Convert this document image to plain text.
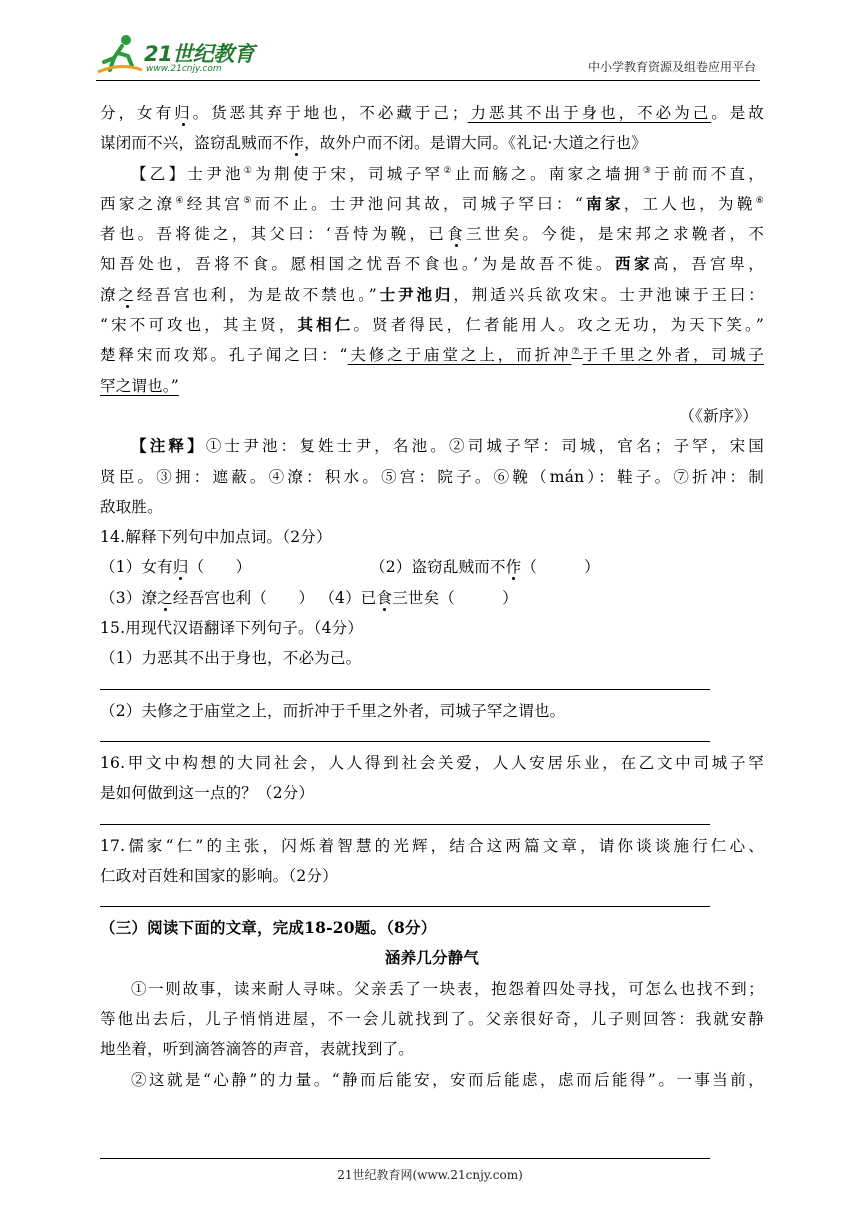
21世纪教育
www.21cnjy.com	中小学教育资源及组卷应用平台
分，女有归。货恶其弃于地也，不必藏于己；力恶其不出于身也，不必为己。是故
谋闭而不兴，盗窃乱贼而不作，故外户而不闭。是谓大同。《礼记·大道之行也》
【乙】士尹池①为荆使于宋，司城子罕②止而觞之。南家之墙拥③于前而不直，
西家之潦④经其宫⑤而不止。士尹池问其故，司城子罕曰：“南家，工人也，为鞔⑥
者也。吾将徙之，其父曰：‘吾恃为鞔，已食三世矣。今徙，是宋邦之求鞔者，不
知吾处也，吾将不食。愿相国之忧吾不食也。’为是故吾不徙。西家高，吾宫卑，
潦之经吾宫也利，为是故不禁也。”士尹池归，荆适兴兵欲攻宋。士尹池谏于王曰：
“宋不可攻也，其主贤，其相仁。贤者得民，仁者能用人。攻之无功，为天下笑。”
楚释宋而攻郑。孔子闻之曰：“夫修之于庙堂之上，而折冲⑦于千里之外者，司城子
罕之谓也。”
（《新序》）
【注释】①士尹池：复姓士尹，名池。②司城子罕：司城，官名；子罕，宋国
贤臣。③拥：遮蔽。④潦：积水。⑤宫：院子。⑥鞔（mán）：鞋子。⑦折冲：制
敌取胜。
14.解释下列句中加点词。（2分）
（1）女有归（　　）	（2）盗窃乱贼而不作（　　　）
（3）潦之经吾宫也利（　　） （4）已食三世矣（　　　）
15.用现代汉语翻译下列句子。（4分）
（1）力恶其不出于身也，不必为己。
（2）夫修之于庙堂之上，而折冲于千里之外者，司城子罕之谓也。
16.甲文中构想的大同社会，人人得到社会关爱，人人安居乐业，在乙文中司城子罕
是如何做到这一点的？（2分）
17.儒家“仁”的主张，闪烁着智慧的光辉，结合这两篇文章，请你谈谈施行仁心、
仁政对百姓和国家的影响。（2分）
（三）阅读下面的文章，完成18-20题。（8分）
涵养几分静气
①一则故事，读来耐人寻味。父亲丢了一块表，抱怨着四处寻找，可怎么也找不到；
等他出去后，儿子悄悄进屋，不一会儿就找到了。父亲很好奇，儿子则回答：我就安静
地坐着，听到滴答滴答的声音，表就找到了。
②这就是“心静”的力量。“静而后能安，安而后能虑，虑而后能得”。一事当前，
21世纪教育网(www.21cnjy.com)
